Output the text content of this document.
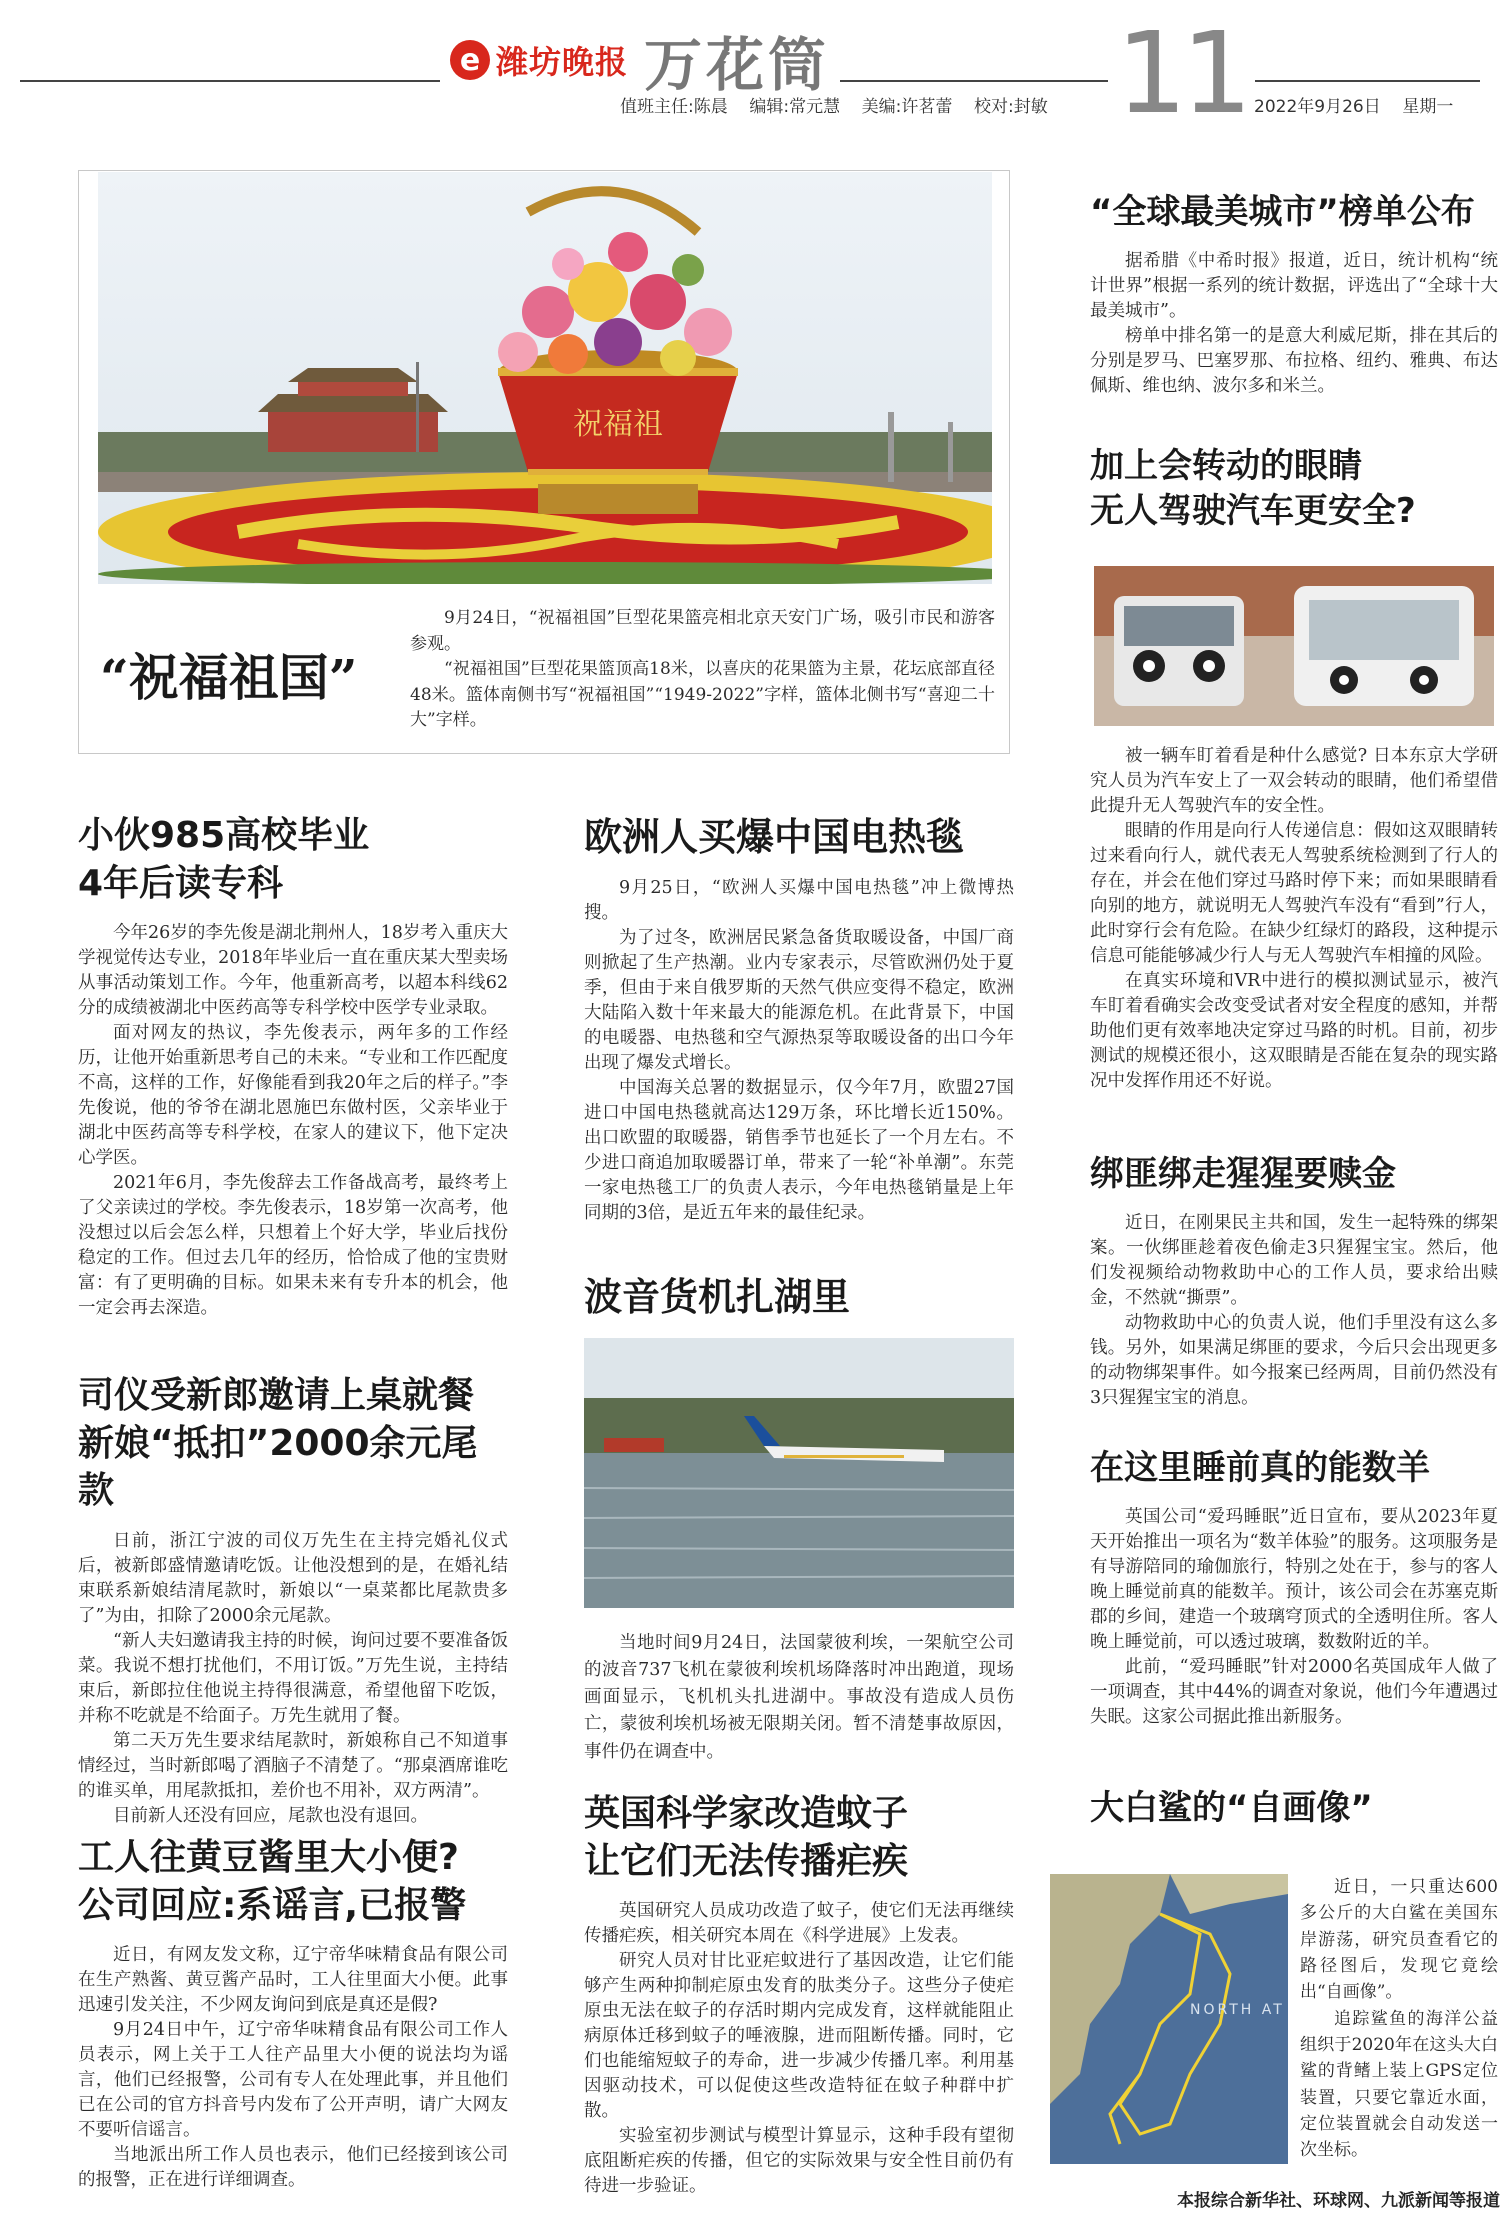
e 潍坊晚报 万花筒
值班主任:陈晨    编辑:常元慧    美编:许茗蕾    校对:封敏 11 2022年9月26日    星期一
祝福祖
“祝福祖国”

9月24日，“祝福祖国”巨型花果篮亮相北京天安门广场，吸引市民和游客参观。

“祝福祖国”巨型花果篮顶高18米，以喜庆的花果篮为主景，花坛底部直径48米。篮体南侧书写“祝福祖国”“1949-2022”字样，篮体北侧书写“喜迎二十大”字样。

小伙985高校毕业
4年后读专科

今年26岁的李先俊是湖北荆州人，18岁考入重庆大学视觉传达专业，2018年毕业后一直在重庆某大型卖场从事活动策划工作。今年，他重新高考，以超本科线62分的成绩被湖北中医药高等专科学校中医学专业录取。

面对网友的热议，李先俊表示，两年多的工作经历，让他开始重新思考自己的未来。“专业和工作匹配度不高，这样的工作，好像能看到我20年之后的样子。”李先俊说，他的爷爷在湖北恩施巴东做村医，父亲毕业于湖北中医药高等专科学校，在家人的建议下，他下定决心学医。

2021年6月，李先俊辞去工作备战高考，最终考上了父亲读过的学校。李先俊表示，18岁第一次高考，他没想过以后会怎么样，只想着上个好大学，毕业后找份稳定的工作。但过去几年的经历，恰恰成了他的宝贵财富：有了更明确的目标。如果未来有专升本的机会，他一定会再去深造。

司仪受新郎邀请上桌就餐
新娘“抵扣”2000余元尾款

日前，浙江宁波的司仪万先生在主持完婚礼仪式后，被新郎盛情邀请吃饭。让他没想到的是，在婚礼结束联系新娘结清尾款时，新娘以“一桌菜都比尾款贵多了”为由，扣除了2000余元尾款。

“新人夫妇邀请我主持的时候，询问过要不要准备饭菜。我说不想打扰他们，不用订饭。”万先生说，主持结束后，新郎拉住他说主持得很满意，希望他留下吃饭，并称不吃就是不给面子。万先生就用了餐。

第二天万先生要求结尾款时，新娘称自己不知道事情经过，当时新郎喝了酒脑子不清楚了。“那桌酒席谁吃的谁买单，用尾款抵扣，差价也不用补，双方两清”。

目前新人还没有回应，尾款也没有退回。

工人往黄豆酱里大小便?
公司回应:系谣言,已报警

近日，有网友发文称，辽宁帝华味精食品有限公司在生产熟酱、黄豆酱产品时，工人往里面大小便。此事迅速引发关注，不少网友询问到底是真还是假?

9月24日中午，辽宁帝华味精食品有限公司工作人员表示，网上关于工人往产品里大小便的说法均为谣言，他们已经报警，公司有专人在处理此事，并且他们已在公司的官方抖音号内发布了公开声明，请广大网友不要听信谣言。

当地派出所工作人员也表示，他们已经接到该公司的报警，正在进行详细调查。

欧洲人买爆中国电热毯

9月25日，“欧洲人买爆中国电热毯”冲上微博热搜。

为了过冬，欧洲居民紧急备货取暖设备，中国厂商则掀起了生产热潮。业内专家表示，尽管欧洲仍处于夏季，但由于来自俄罗斯的天然气供应变得不稳定，欧洲大陆陷入数十年来最大的能源危机。在此背景下，中国的电暖器、电热毯和空气源热泵等取暖设备的出口今年出现了爆发式增长。

中国海关总署的数据显示，仅今年7月，欧盟27国进口中国电热毯就高达129万条，环比增长近150%。出口欧盟的取暖器，销售季节也延长了一个月左右。不少进口商追加取暖器订单，带来了一轮“补单潮”。东莞一家电热毯工厂的负责人表示，今年电热毯销量是上年同期的3倍，是近五年来的最佳纪录。

波音货机扎湖里

当地时间9月24日，法国蒙彼利埃，一架航空公司的波音737飞机在蒙彼利埃机场降落时冲出跑道，现场画面显示，飞机机头扎进湖中。事故没有造成人员伤亡，蒙彼利埃机场被无限期关闭。暂不清楚事故原因，事件仍在调查中。

英国科学家改造蚊子
让它们无法传播疟疾

英国研究人员成功改造了蚊子，使它们无法再继续传播疟疾，相关研究本周在《科学进展》上发表。

研究人员对甘比亚疟蚊进行了基因改造，让它们能够产生两种抑制疟原虫发育的肽类分子。这些分子使疟原虫无法在蚊子的存活时期内完成发育，这样就能阻止病原体迁移到蚊子的唾液腺，进而阻断传播。同时，它们也能缩短蚊子的寿命，进一步减少传播几率。利用基因驱动技术，可以促使这些改造特征在蚊子种群中扩散。

实验室初步测试与模型计算显示，这种手段有望彻底阻断疟疾的传播，但它的实际效果与安全性目前仍有待进一步验证。

“全球最美城市”榜单公布

据希腊《中希时报》报道，近日，统计机构“统计世界”根据一系列的统计数据，评选出了“全球十大最美城市”。

榜单中排名第一的是意大利威尼斯，排在其后的分别是罗马、巴塞罗那、布拉格、纽约、雅典、布达佩斯、维也纳、波尔多和米兰。

加上会转动的眼睛
无人驾驶汽车更安全?

被一辆车盯着看是种什么感觉? 日本东京大学研究人员为汽车安上了一双会转动的眼睛，他们希望借此提升无人驾驶汽车的安全性。

眼睛的作用是向行人传递信息：假如这双眼睛转过来看向行人，就代表无人驾驶系统检测到了行人的存在，并会在他们穿过马路时停下来；而如果眼睛看向别的地方，就说明无人驾驶汽车没有“看到”行人，此时穿行会有危险。在缺少红绿灯的路段，这种提示信息可能能够减少行人与无人驾驶汽车相撞的风险。

在真实环境和VR中进行的模拟测试显示，被汽车盯着看确实会改变受试者对安全程度的感知，并帮助他们更有效率地决定穿过马路的时机。目前，初步测试的规模还很小，这双眼睛是否能在复杂的现实路况中发挥作用还不好说。

绑匪绑走猩猩要赎金

近日，在刚果民主共和国，发生一起特殊的绑架案。一伙绑匪趁着夜色偷走3只猩猩宝宝。然后，他们发视频给动物救助中心的工作人员，要求给出赎金，不然就“撕票”。

动物救助中心的负责人说，他们手里没有这么多钱。另外，如果满足绑匪的要求，今后只会出现更多的动物绑架事件。如今报案已经两周，目前仍然没有3只猩猩宝宝的消息。

在这里睡前真的能数羊

英国公司“爱玛睡眠”近日宣布，要从2023年夏天开始推出一项名为“数羊体验”的服务。这项服务是有导游陪同的瑜伽旅行，特别之处在于，参与的客人晚上睡觉前真的能数羊。预计，该公司会在苏塞克斯郡的乡间，建造一个玻璃穹顶式的全透明住所。客人晚上睡觉前，可以透过玻璃，数数附近的羊。

此前，“爱玛睡眠”针对2000名英国成年人做了一项调查，其中44%的调查对象说，他们今年遭遇过失眠。这家公司据此推出新服务。

大白鲨的“自画像”
NORTH AT

近日，一只重达600多公斤的大白鲨在美国东岸游荡，研究员查看它的路径图后，发现它竟绘出“自画像”。

追踪鲨鱼的海洋公益组织于2020年在这头大白鲨的背鳍上装上GPS定位装置，只要它靠近水面，定位装置就会自动发送一次坐标。

本报综合新华社、环球网、九派新闻等报道
